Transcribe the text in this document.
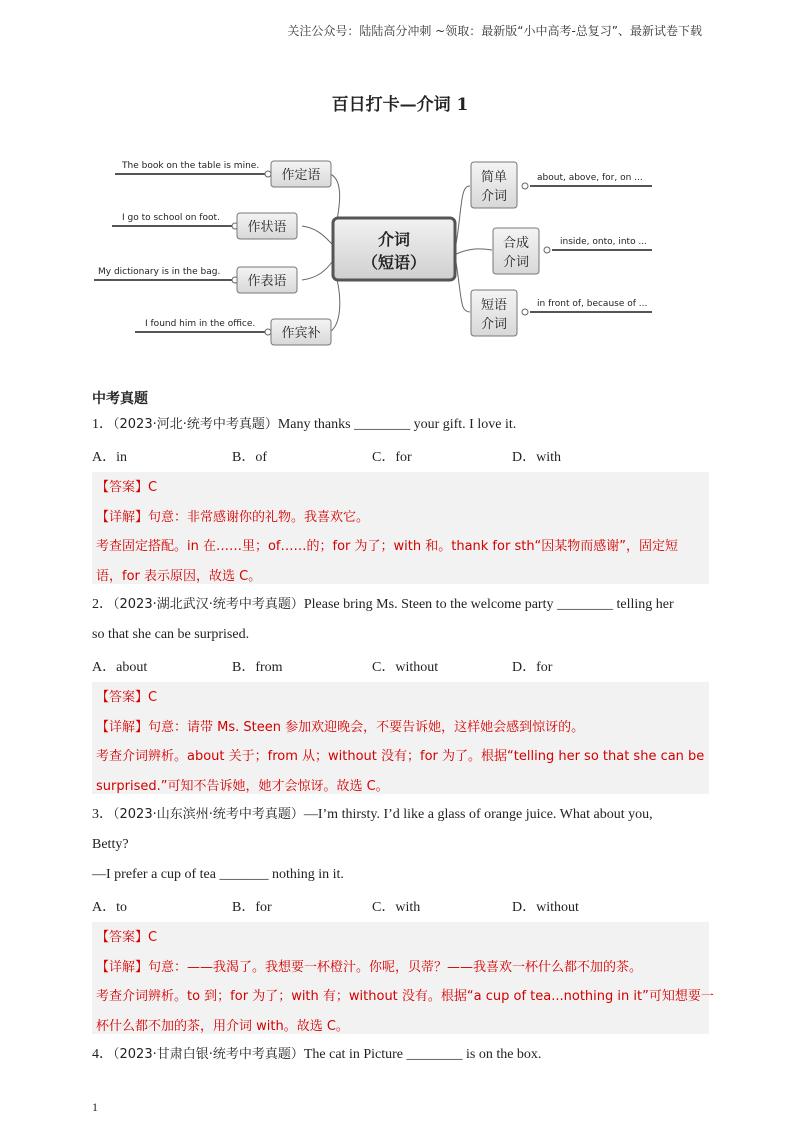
关注公众号：陆陆高分冲刺 ~领取：最新版“小中高考-总复习”、最新试卷下载
百日打卡—介词 1
The book on the table is mine.
I go to school on foot.
My dictionary is in the bag.
I found him in the office.
about, above, for, on ...
inside, onto, into ...
in front of, because of ...
作定语
作状语
作表语
作宾补
简单
介词
合成
介词
短语
介词
介词
（短语）
中考真题
1．（2023·河北·统考中考真题）Many thanks ________ your gift. I love it.
A．in	B．of	C．for	D．with
【答案】C
【详解】句意：非常感谢你的礼物。我喜欢它。
考查固定搭配。in 在……里；of……的；for 为了；with 和。thank for sth“因某物而感谢”，固定短
语，for 表示原因，故选 C。
2．（2023·湖北武汉·统考中考真题）Please bring Ms. Steen to the welcome party ________ telling her
so that she can be surprised.
A．about	B．from	C．without	D．for
【答案】C
【详解】句意：请带 Ms. Steen 参加欢迎晚会，不要告诉她，这样她会感到惊讶的。
考查介词辨析。about 关于；from 从；without 没有；for 为了。根据“telling her so that she can be
surprised.”可知不告诉她，她才会惊讶。故选 C。
3．（2023·山东滨州·统考中考真题）—I’m thirsty. I’d like a glass of orange juice. What about you,
Betty?
—I prefer a cup of tea _______ nothing in it.
A．to	B．for	C．with	D．without
【答案】C
【详解】句意：——我渴了。我想要一杯橙汁。你呢，贝蒂？——我喜欢一杯什么都不加的茶。
考查介词辨析。to 到；for 为了；with 有；without 没有。根据“a cup of tea...nothing in it”可知想要一
杯什么都不加的茶，用介词 with。故选 C。
4．（2023·甘肃白银·统考中考真题）The cat in Picture ________ is on the box.
1
